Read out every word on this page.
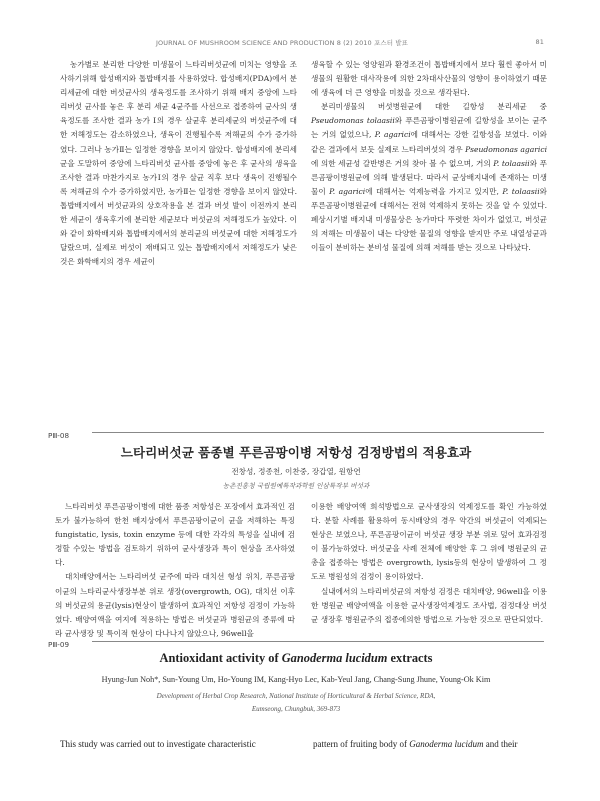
JOURNAL OF MUSHROOM SCIENCE AND PRODUCTION 8 (2) 2010 포스터 발표	81

농가별로 분리한 다양한 미생물이 느타리버섯균에 미치는 영향을 조사하기위해 합성배지와 톱밥배지를 사용하였다. 합성배지(PDA)에서 분리세균에 대한 버섯균사의 생육정도를 조사하기 위해 배지 중앙에 느타리버섯 균사를 놓은 후 분리 세균 4균주를 사선으로 접종하여 균사의 생육정도를 조사한 결과 농가 Ⅰ의 경우 살균후 분리세균의 버섯균주에 대한 저해정도는 감소하였으나, 생육이 진행될수록 저해균의 수가 증가하였다. 그러나 농가Ⅱ는 일정한 경향을 보이지 않았다. 합성배지에 분리세균을 도말하여 중앙에 느타리버섯 균사를 중앙에 놓은 후 균사의 생육을 조사한 결과 마찬가지로 농가Ⅰ의 경우 살균 직후 보다 생육이 진행될수록 저해균의 수가 증가하였지만, 농가Ⅱ는 일정한 경향을 보이지 않았다. 톱밥배지에서 버섯균과의 상호작용을 본 결과 버섯 발이 이전까지 분리한 세균이 생육후기에 분리한 세균보다 버섯균의 저해정도가 높았다. 이와 같이 화학배지와 톱밥배지에서의 분리균의 버섯균에 대한 저해정도가 달랐으며, 실제로 버섯이 재배되고 있는 톱밥배지에서 저해정도가 낮은 것은 화학배지의 경우 세균이

생육할 수 있는 영양원과 환경조건이 톱밥배지에서 보다 훨씬 좋아서 미생물의 원활한 대사작용에 의한 2차대사산물의 영향이 용이하였기 때문에 생육에 더 큰 영향을 미쳤을 것으로 생각된다.

분리미생물의 버섯병원균에 대한 길항성 분리세균 중 Pseudomonas tolaasii와 푸른곰팡이병원균에 길항성을 보이는 균주는 거의 없었으나, P. agarici에 대해서는 강한 길항성을 보였다. 이와 같은 결과에서 보듯 실제로 느타리버섯의 경우 Pseudomonas agarici에 의한 세균성 갈반병은 거의 찾아 볼 수 없으며, 거의 P. tolaasii와 푸른곰팡이병원균에 의해 발생된다. 따라서 균상배지내에 존재하는 미생물이 P. agarici에 대해서는 억제능력을 가지고 있지만, P. tolaasii와 푸른곰팡이병원균에 대해서는 전혀 억제하지 못하는 것을 알 수 있었다. 폐상시기별 배지내 미생물상은 농가마다 뚜렷한 차이가 없었고, 버섯균의 저해는 미생물이 내는 다양한 물질의 영향을 받지만 주로 내열성균과 이들이 분비하는 분비성 물질에 의해 저해를 받는 것으로 나타났다.

PⅢ-08
느타리버섯균 품종별 푸른곰팡이병 저항성 검정방법의 적용효과
전창성, 정종천, 이찬중, 장갑열, 원항연
농촌진흥청 국립원예특작과학원 인삼특작부 버섯과

느타리버섯 푸른곰팡이병에 대한 품종 저항성은 포장에서 효과적인 검토가 불가능하여 한천 배지상에서 푸른곰팡이균이 균을 저해하는 특징 fungistatic, lysis, toxin enzyme 등에 대한 각각의 특성을 실내에 검정할 수있는 방법을 검토하기 위하여 균사생장과 특이 현상을 조사하였다.

대치배양에서는 느타리버섯 균주에 따라 대치선 형성 위치, 푸른곰팡이균의 느타리균사생장부분 위로 생장(overgrowth, OG), 대치선 이후의 버섯균의 용균(lysis)현상이 발생하여 효과적인 저항성 검정이 가능하였다. 배양여액을 여지에 적용하는 방법은 버섯균과 병원균의 종류에 따라 균사생장 및 특이적 현상이 다나나지 않았으나, 96well을

이용한 배양여액 희석방법으로 균사생장의 억제정도를 확인 가능하였다. 분할 사례를 활용하여 동시배양의 경우 약간의 버섯균이 억제되는 현상은 보였으나, 푸른곰팡이균이 버섯균 생장 부분 위로 덮어 효과검정이 불가능하였다. 버섯균을 사례 전체에 배양한 후 그 위에 병원균의 균총을 접종하는 방법은 overgrowth, lysis등의 현상이 발생하여 그 정도로 병원성의 검정이 용이하였다.

실내에서의 느타리버섯균의 저항성 검정은 대치배양, 96well을 이용한 병원균 배양여액을 이용한 균사생장억제정도 조사법, 검정대상 버섯균 생장후 병원균주의 접종에의한 방법으로 가능한 것으로 판단되었다.

PⅢ-09
Antioxidant activity of Ganoderma lucidum extracts
Hyung-Jun Noh*, Sun-Young Um, Ho-Young IM, Kang-Hyo Lec, Kab-Yeul Jang, Chang-Sung Jhune, Young-Ok Kim
Development of Herbal Crop Research, National Institute of Horticultural & Herbal Science, RDA,
Eumseong, Chungbuk, 369-873
This study was carried out to investigate characteristic	pattern of fruiting body of Ganoderma lucidum and their
